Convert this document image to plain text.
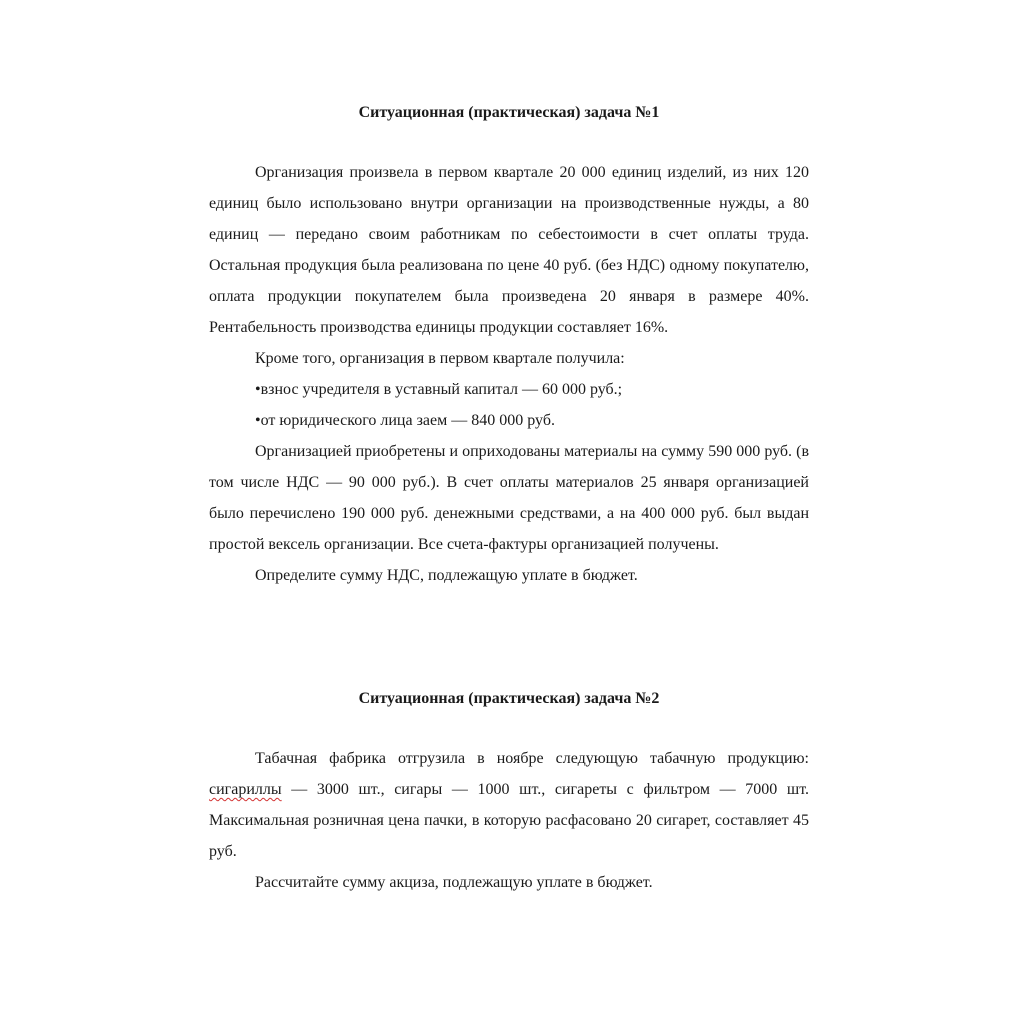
Ситуационная (практическая) задача №1

Организация произвела в первом квартале 20 000 единиц изделий, из них 120 единиц было использовано внутри организации на производственные нужды, а 80 единиц — передано своим работникам по себестоимости в счет оплаты труда. Остальная продукция была реализована по цене 40 руб. (без НДС) одному покупателю, оплата продукции покупателем была произведена 20 января в размере 40%. Рентабельность производства единицы продукции составляет 16%.

Кроме того, организация в первом квартале получила:

•взнос учредителя в уставный капитал — 60 000 руб.;

•от юридического лица заем — 840 000 руб.

Организацией приобретены и оприходованы материалы на сумму 590 000 руб. (в том числе НДС — 90 000 руб.). В счет оплаты материалов 25 января организацией было перечислено 190 000 руб. денежными средствами, а на 400 000 руб. был выдан простой вексель организации. Все счета-фактуры организацией получены.

Определите сумму НДС, подлежащую уплате в бюджет.

Ситуационная (практическая) задача №2

Табачная фабрика отгрузила в ноябре следующую табачную продукцию: сигариллы — 3000 шт., сигары — 1000 шт., сигареты с фильтром — 7000 шт. Максимальная розничная цена пачки, в которую расфасовано 20 сигарет, составляет 45 руб.

Рассчитайте сумму акциза, подлежащую уплате в бюджет.
